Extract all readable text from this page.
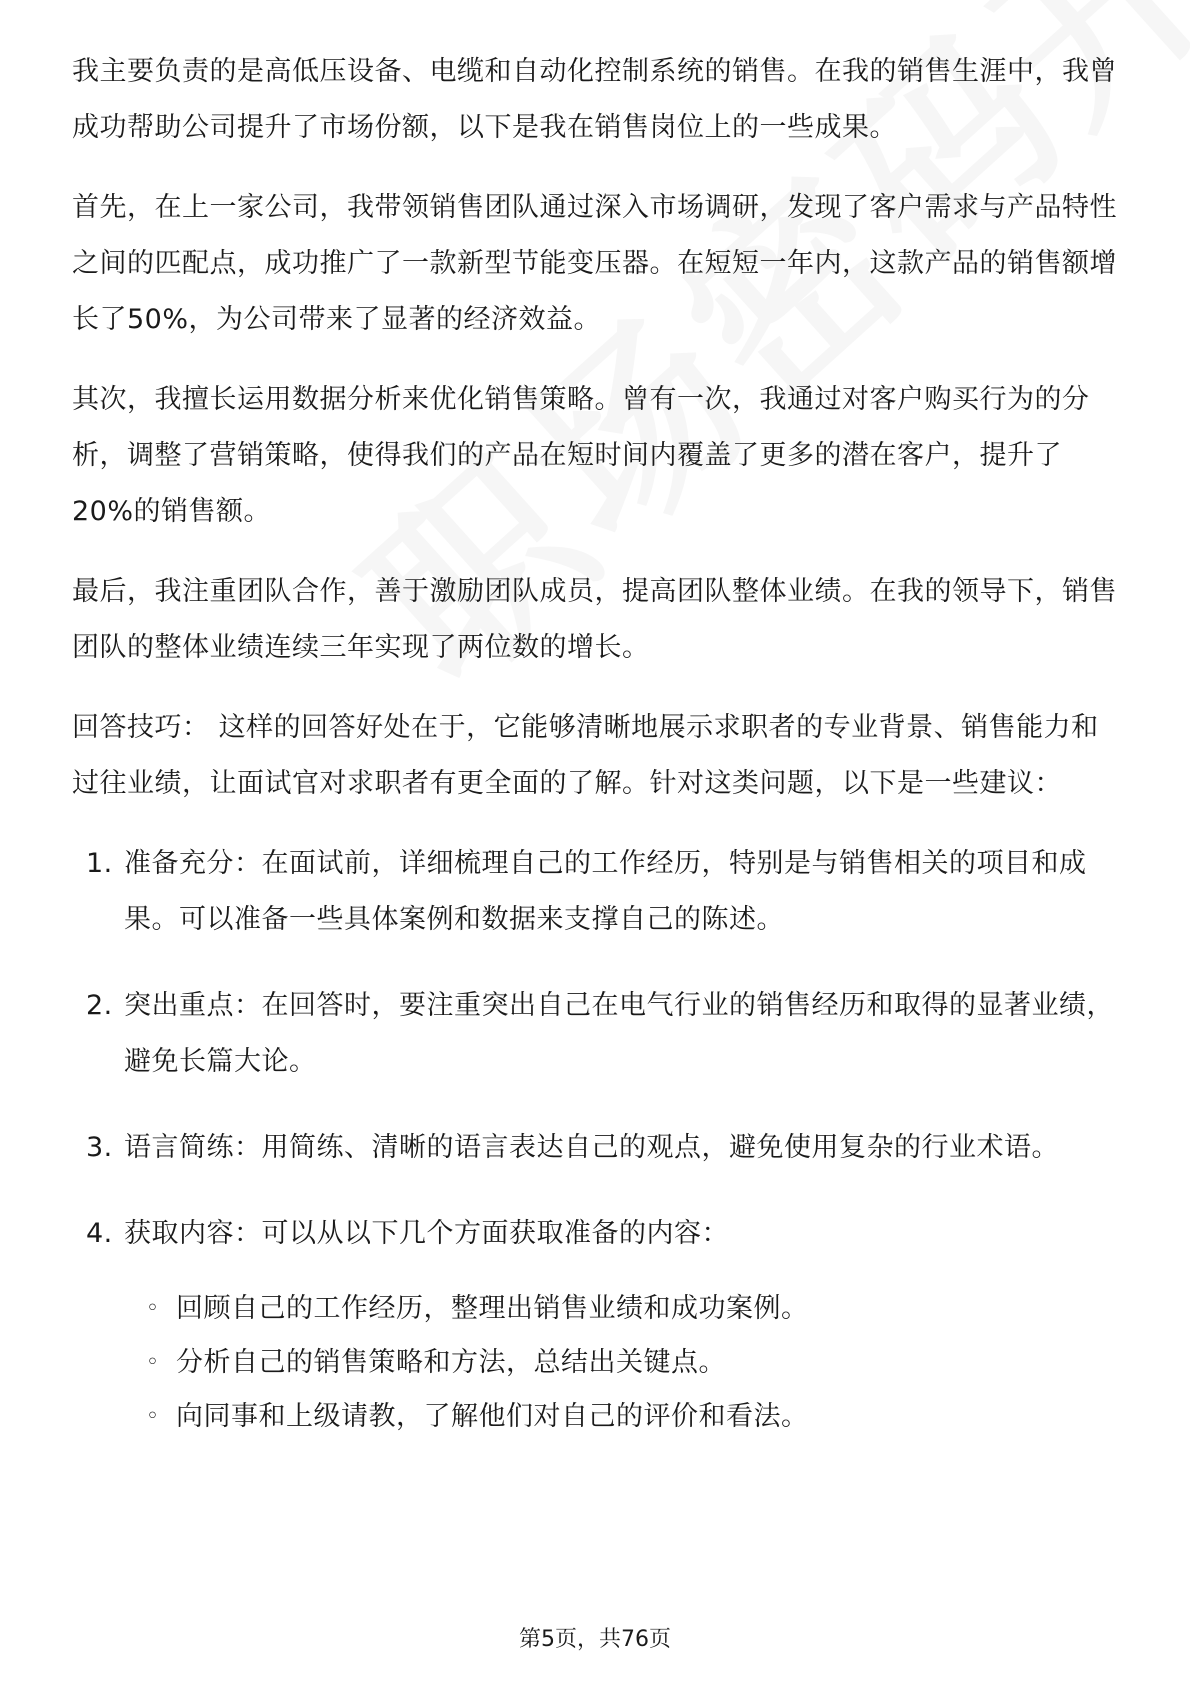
我主要负责的是高低压设备、电缆和自动化控制系统的销售。在我的销售生涯中，我曾成功帮助公司提升了市场份额，以下是我在销售岗位上的一些成果。

首先，在上一家公司，我带领销售团队通过深入市场调研，发现了客户需求与产品特性之间的匹配点，成功推广了一款新型节能变压器。在短短一年内，这款产品的销售额增长了50%，为公司带来了显著的经济效益。

其次，我擅长运用数据分析来优化销售策略。曾有一次，我通过对客户购买行为的分析，调整了营销策略，使得我们的产品在短时间内覆盖了更多的潜在客户，提升了20%的销售额。

最后，我注重团队合作，善于激励团队成员，提高团队整体业绩。在我的领导下，销售团队的整体业绩连续三年实现了两位数的增长。

回答技巧： 这样的回答好处在于，它能够清晰地展示求职者的专业背景、销售能力和过往业绩，让面试官对求职者有更全面的了解。针对这类问题，以下是一些建议：

1. 准备充分：在面试前，详细梳理自己的工作经历，特别是与销售相关的项目和成果。可以准备一些具体案例和数据来支撑自己的陈述。
2. 突出重点：在回答时，要注重突出自己在电气行业的销售经历和取得的显著业绩，避免长篇大论。
3. 语言简练：用简练、清晰的语言表达自己的观点，避免使用复杂的行业术语。
4. 获取内容：可以从以下几个方面获取准备的内容：
◦ 回顾自己的工作经历，整理出销售业绩和成功案例。
◦ 分析自己的销售策略和方法，总结出关键点。
◦ 向同事和上级请教，了解他们对自己的评价和看法。
第5页，共76页
